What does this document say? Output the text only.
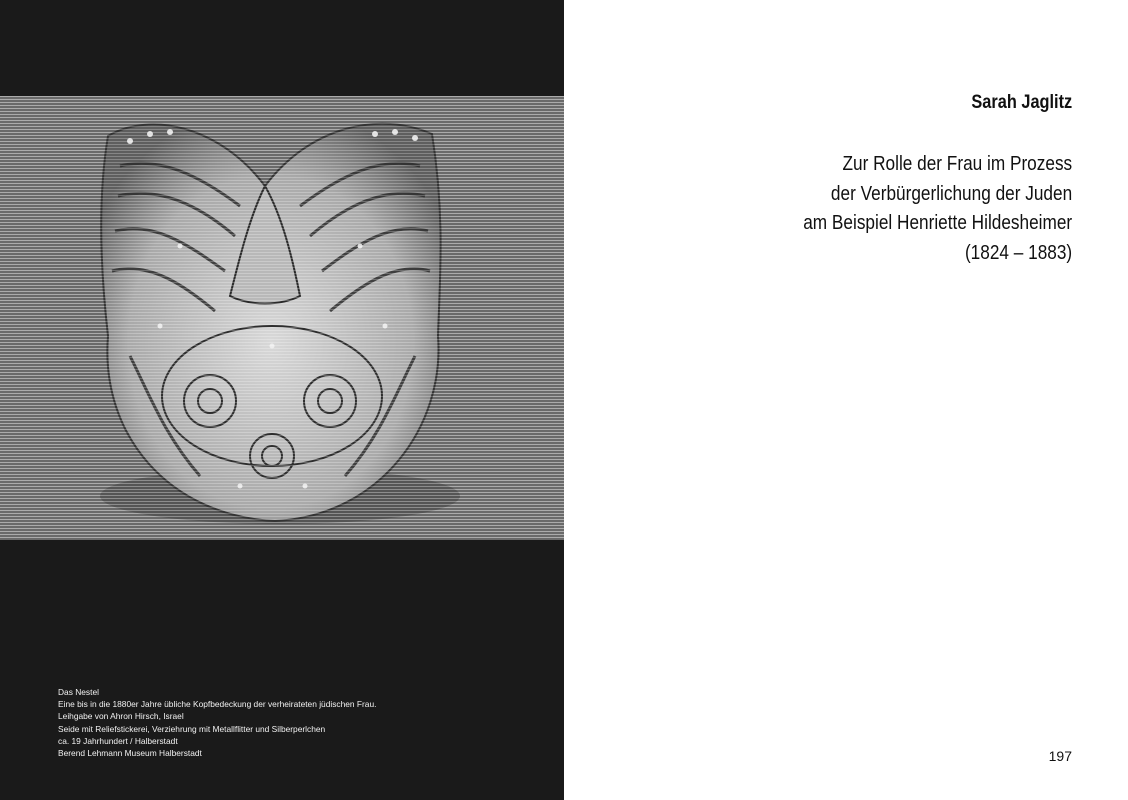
Das Nestel
Eine bis in die 1880er Jahre übliche Kopfbedeckung der verheirateten jüdischen Frau.
Leihgabe von Ahron Hirsch, Israel
Seide mit Reliefstickerei, Verziehrung mit Metallflitter und Silberperlchen
ca. 19 Jahrhundert / Halberstadt
Berend Lehmann Museum Halberstadt
Sarah Jaglitz
Zur Rolle der Frau im Prozess
der Verbürgerlichung der Juden
am Beispiel Henriette Hildesheimer
(1824 – 1883)
197
